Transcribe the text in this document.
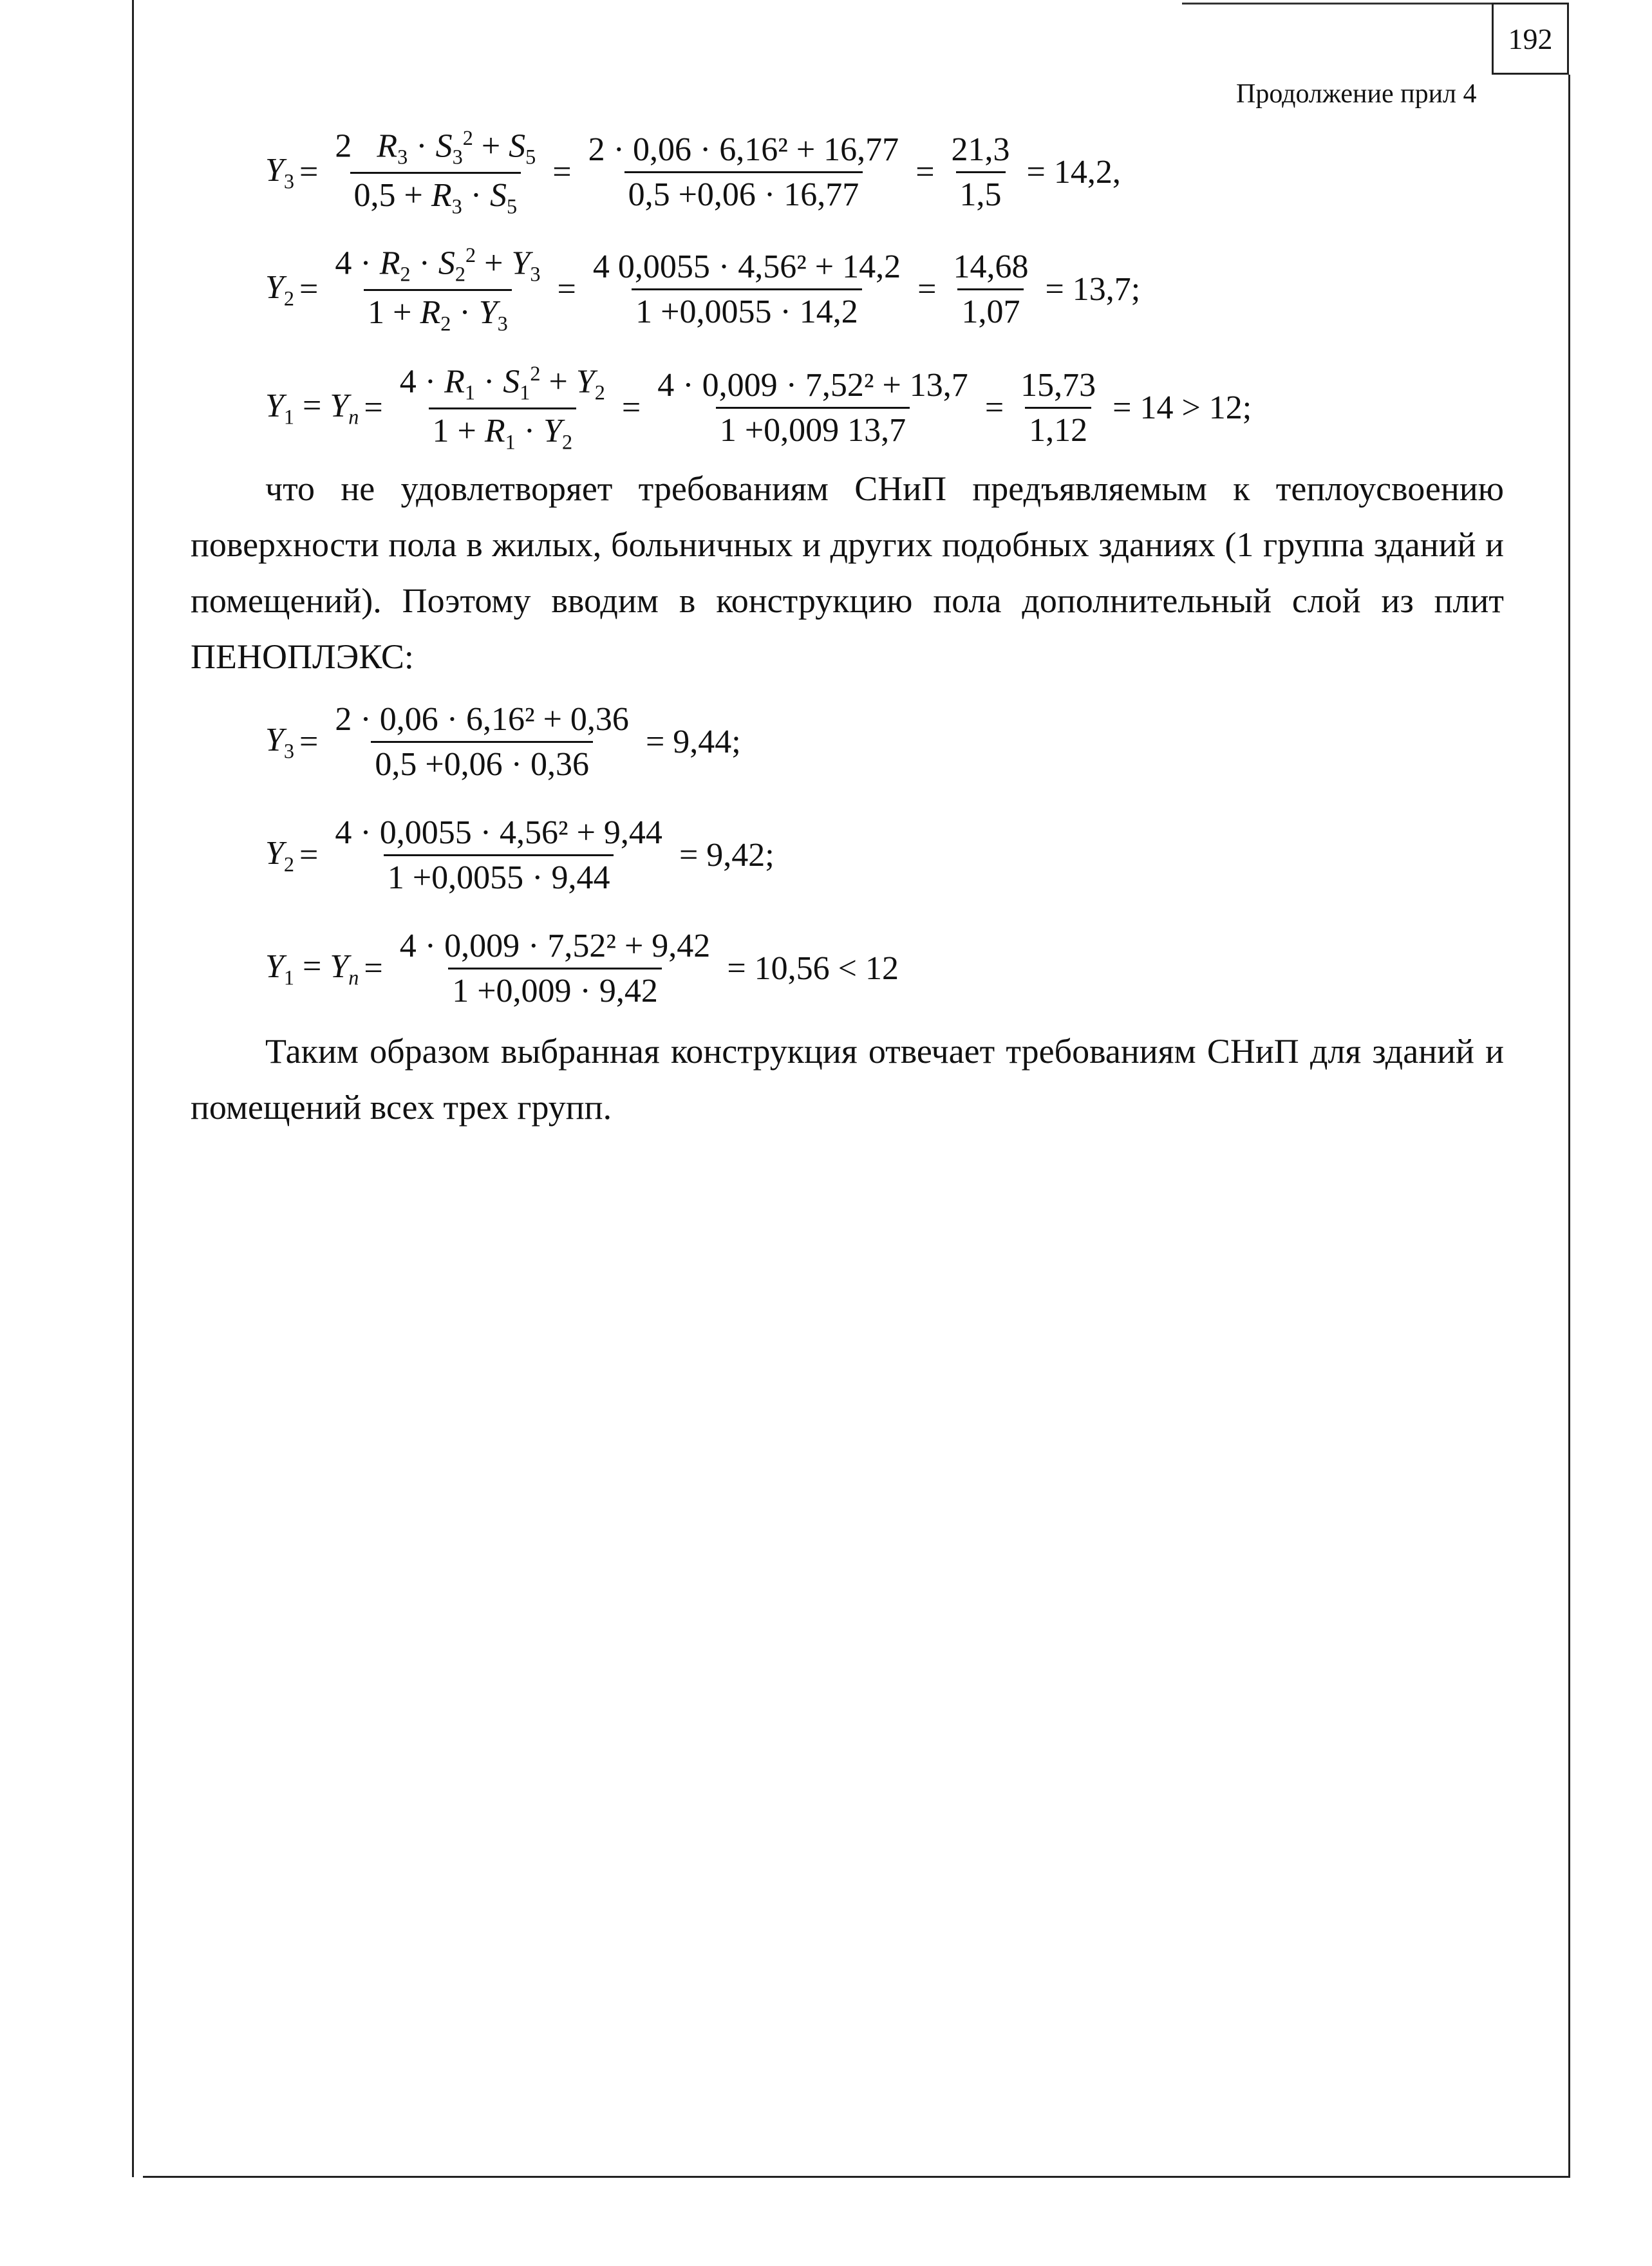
192
Продолжение прил 4
$Y_3 = \frac{2 R_3 \cdot S_3^2 + S_5}{0,5 + R_3 \cdot S_5} = \frac{\text{2 · 0,06 · 6,16² + 16,77}}{0,5 +0,06 \cdot 16,77} = \frac{21,3}{1,5} = 14,2$,
$Y_2 = \frac{4 \cdot R_2 \cdot S_2^2 + Y_3}{1 + R_2 \cdot Y_3} = \frac{\text{4 0,0055 · 4,56² + 14,2}}{1 +0,0055 \cdot 14,2} = \frac{14,68}{1,07} = 13,7$;
$Y_1 = Y_n = \frac{4 \cdot R_1 \cdot S_1^2 + Y_2}{1 + R_1 \cdot Y_2} = \frac{\text{4 · 0,009 · 7,52² + 13,7}}{1 +0,009 13,7} = \frac{15,73}{1,12} = 14 > 12$;

что не удовлетворяет требованиям СНиП предъявляемым к теплоусвоению поверхности пола в жилых, больничных и других подобных зданиях (1 группа зданий и помещений). Поэтому вводим в конструкцию пола дополнительный слой из плит ПЕНОПЛЭКС:

$Y_3 = \frac{\text{2 · 0,06 · 6,16² + 0,36}}{0,5 +0,06 \cdot 0,36} = 9,44$;
$Y_2 = \frac{\text{4 · 0,0055 · 4,56² + 9,44}}{1 +0,0055 \cdot 9,44} = 9,42$;
$Y_1 = Y_n = \frac{\text{4 · 0,009 · 7,52² + 9,42}}{1 +0,009 \cdot 9,42} = 10,56 < 12$

Таким образом выбранная конструкция отвечает требованиям СНиП для зданий и помещений всех трех групп.
